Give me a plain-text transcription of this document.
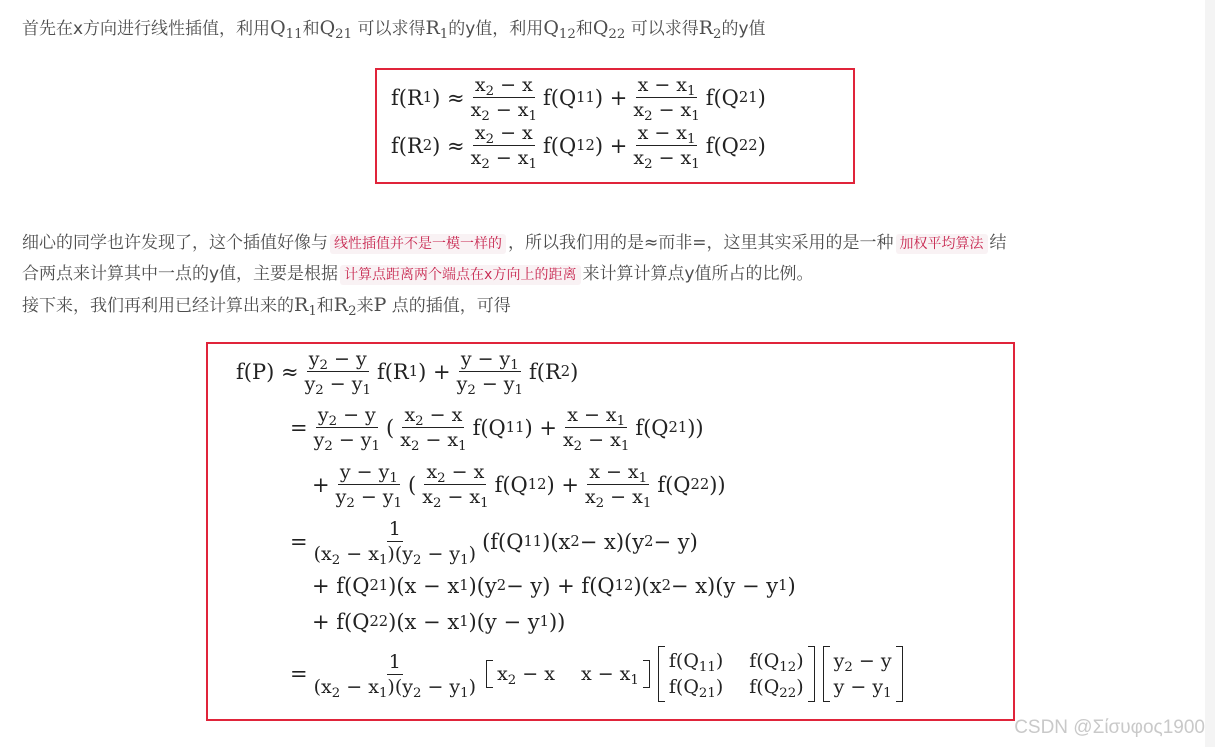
首先在x方向进行线性插值，利用$Q_{11}$和$Q_{21}$ 可以求得$R_1$的y值，利用$Q_{12}$和$Q_{22}$ 可以求得$R_2$的y值
f(R 1 ) ≈ $\frac{x_2 - x}{x_2 - x_1} f(Q$ 11 ) + $\frac{x - x_1}{x_2 - x_1} f(Q$ 21 )
f(R 2 ) ≈ $\frac{x_2 - x}{x_2 - x_1} f(Q$ 12 ) + $\frac{x - x_1}{x_2 - x_1} f(Q$ 22 )
细心的同学也许发现了，这个插值好像与 线性插值并不是一模一样的 ，所以我们用的是≈而非=，这里其实采用的是一种 加权平均算法 结
合两点来计算其中一点的y值，主要是根据 计算点距离两个端点在x方向上的距离 来计算计算点y值所占的比例。
接下来，我们再利用已经计算出来的$R_1$和$R_2$来P 点的插值，可得
$f(P) \approx \frac{y_2 - y}{y_2 - y_1} f(R$ 1 ) + $\frac{y - y_1}{y_2 - y_1} f(R$ 2 )
= $\frac{y_2 - y}{y_2 - y_1}$ ( $\frac{x_2 - x}{x_2 - x_1} f(Q$ 11 ) + $\frac{x - x_1}{x_2 - x_1} f(Q$ 21 ))
+ $\frac{y - y_1}{y_2 - y_1}$ ( $\frac{x_2 - x}{x_2 - x_1} f(Q$ 12 ) + $\frac{x - x_1}{x_2 - x_1} f(Q$ 22 ))
= $\frac{1}{(x_2 - x_1)(y_2 - y_1)} (f(Q$ 11 )(x 2 − x)(y 2 − y)
+ f(Q 21 )(x − x 1 )(y 2 − y) + f(Q 12 )(x 2 − x)(y − y 1 )
+ f(Q 22 )(x − x 1 )(y − y 1 ))
= $\frac{1}{(x_2 - x_1)(y_2 - y_1)} x_2 - x$ $x - x_1$
$f(Q_{11})$ $f(Q_{12})$
$f(Q_{21})$ $f(Q_{22})$
$y_2 - y$
$y - y_1$
CSDN @Σίσυφος1900
